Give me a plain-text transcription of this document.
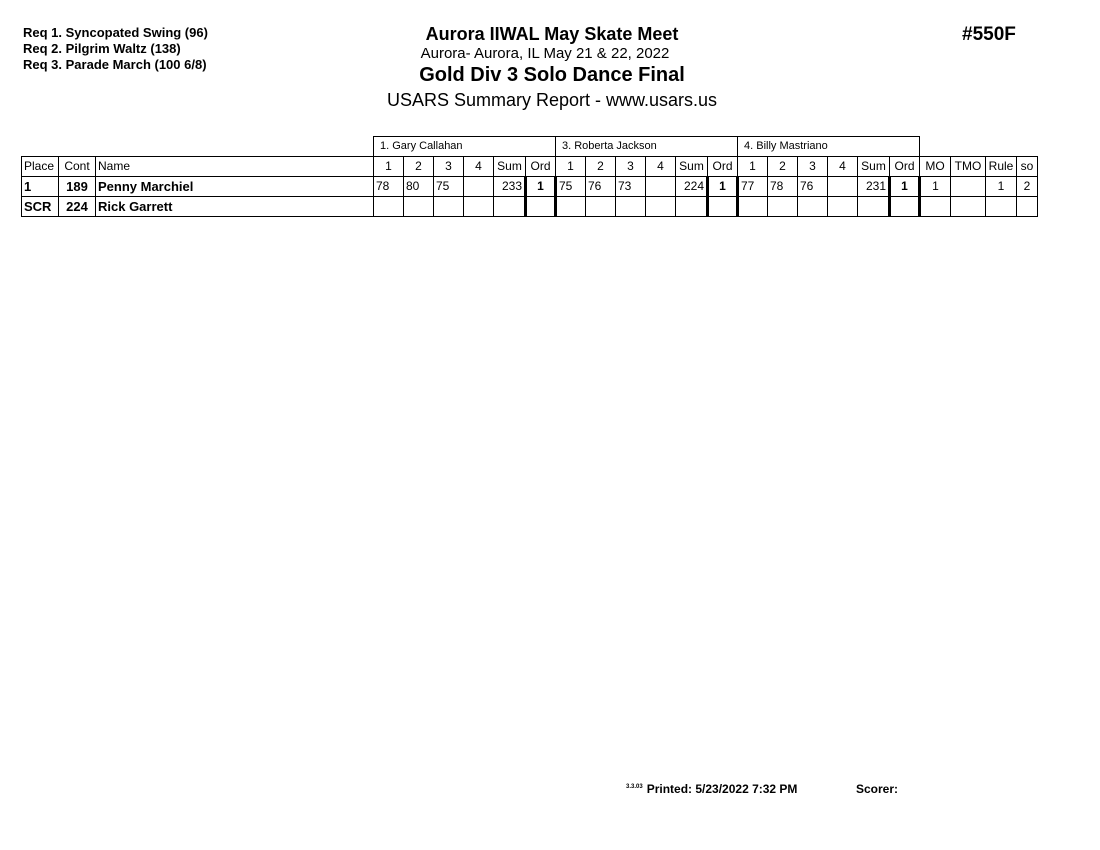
Req 1. Syncopated Swing (96)
Req 2. Pilgrim Waltz (138)
Req 3. Parade March (100 6/8)
Aurora IIWAL May Skate Meet
Aurora- Aurora, IL May 21 & 22, 2022
Gold Div 3 Solo Dance Final
USARS Summary Report - www.usars.us
#550F
			1. Gary Callahan						3. Roberta Jackson						4. Billy Mastriano									
Place	Cont	Name	1	2	3	4	Sum	Ord	1	2	3	4	Sum	Ord	1	2	3	4	Sum	Ord	MO	TMO	Rule	so
1	189	Penny Marchiel	78	80	75		233	1	75	76	73		224	1	77	78	76		231	1	1		1	2
SCR	224	Rick Garrett																						
$^{3.3.03}$ Printed: 5/23/2022 7:32 PM	Scorer:
